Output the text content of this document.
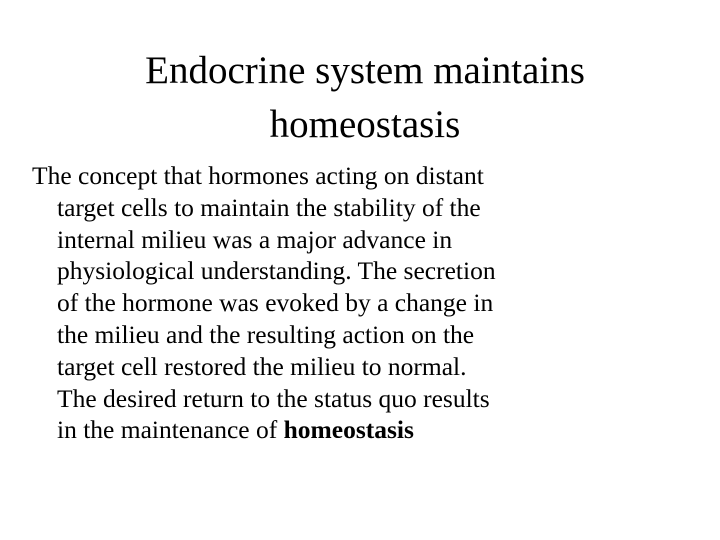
Endocrine system maintains
homeostasis

The concept that hormones acting on distant
target cells to maintain the stability of the
internal milieu was a major advance in
physiological understanding. The secretion
of the hormone was evoked by a change in
the milieu and the resulting action on the
target cell restored the milieu to normal.
The desired return to the status quo results
in the maintenance of homeostasis
